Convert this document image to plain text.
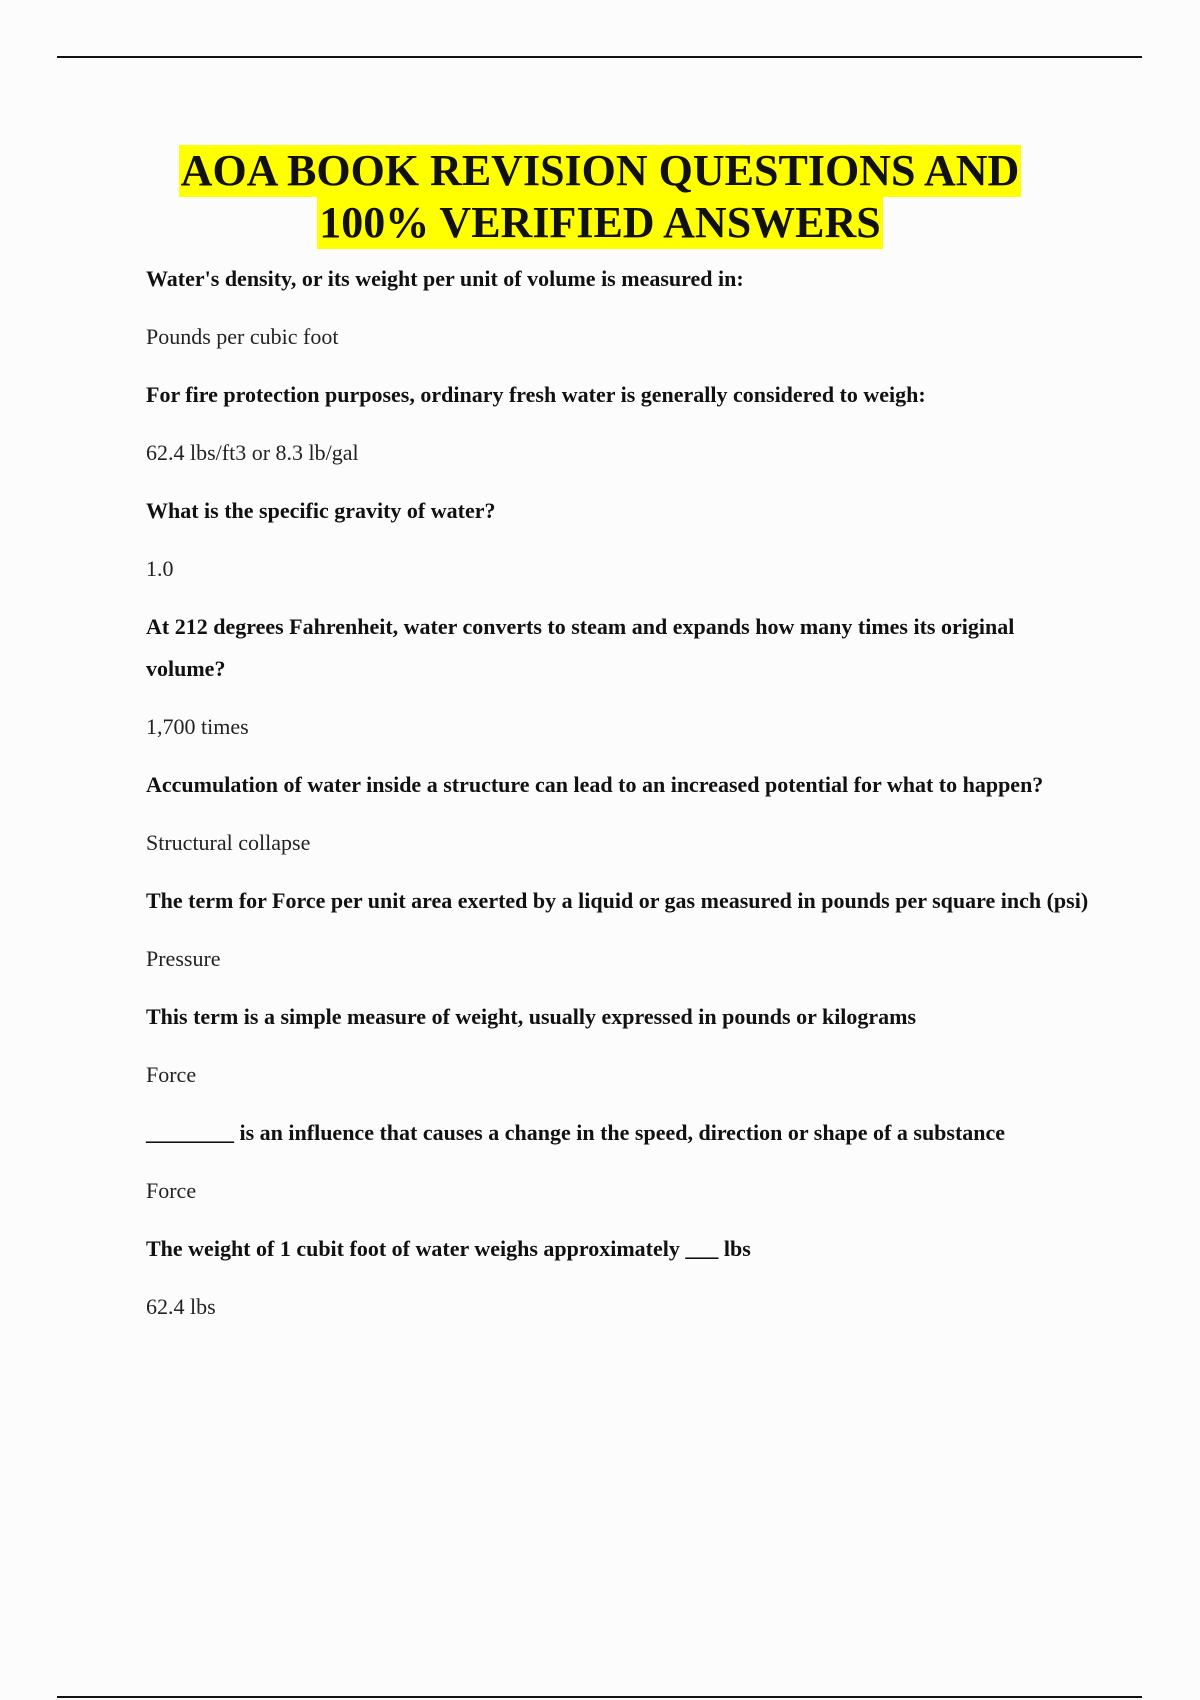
AOA BOOK REVISION QUESTIONS AND
100% VERIFIED ANSWERS

Water's density, or its weight per unit of volume is measured in:

Pounds per cubic foot

For fire protection purposes, ordinary fresh water is generally considered to weigh:

62.4 lbs/ft3 or 8.3 lb/gal

What is the specific gravity of water?

1.0

At 212 degrees Fahrenheit, water converts to steam and expands how many times its original volume?

1,700 times

Accumulation of water inside a structure can lead to an increased potential for what to happen?

Structural collapse

The term for Force per unit area exerted by a liquid or gas measured in pounds per square inch (psi)

Pressure

This term is a simple measure of weight, usually expressed in pounds or kilograms

Force

________ is an influence that causes a change in the speed, direction or shape of a substance

Force

The weight of 1 cubit foot of water weighs approximately ___ lbs

62.4 lbs
